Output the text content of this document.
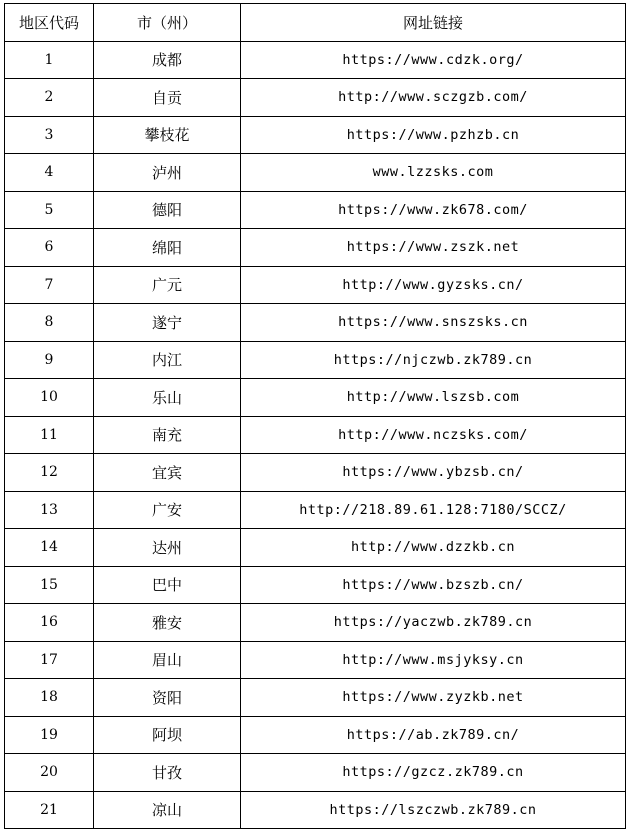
地区代码	市（州）	网址链接
1	成都	https://www.cdzk.org/
2	自贡	http://www.sczgzb.com/
3	攀枝花	https://www.pzhzb.cn
4	泸州	www.lzzsks.com
5	德阳	https://www.zk678.com/
6	绵阳	https://www.zszk.net
7	广元	http://www.gyzsks.cn/
8	遂宁	https://www.snszsks.cn
9	内江	https://njczwb.zk789.cn
10	乐山	http://www.lszsb.com
11	南充	http://www.nczsks.com/
12	宜宾	https://www.ybzsb.cn/
13	广安	http://218.89.61.128:7180/SCCZ/
14	达州	http://www.dzzkb.cn
15	巴中	https://www.bzszb.cn/
16	雅安	https://yaczwb.zk789.cn
17	眉山	http://www.msjyksy.cn
18	资阳	https://www.zyzkb.net
19	阿坝	https://ab.zk789.cn/
20	甘孜	https://gzcz.zk789.cn
21	凉山	https://lszczwb.zk789.cn
